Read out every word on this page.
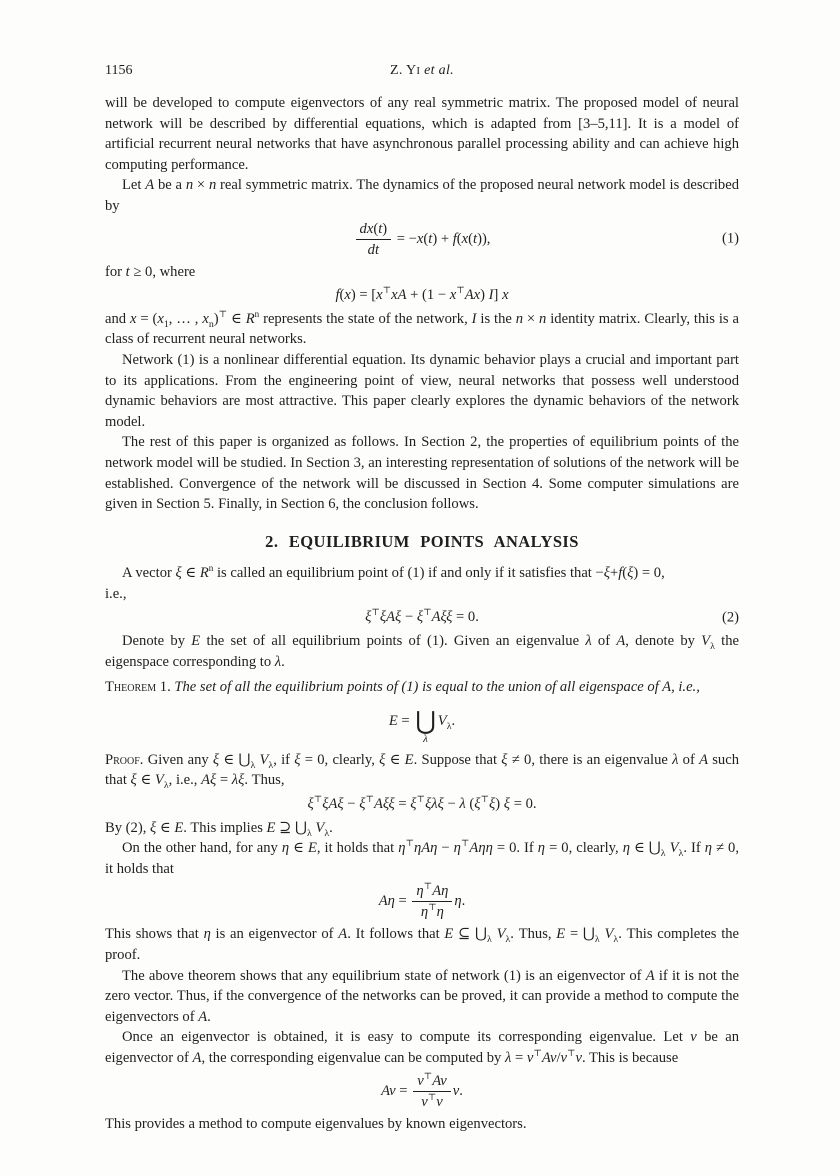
1156	Z. YI et al.

will be developed to compute eigenvectors of any real symmetric matrix. The proposed model of neural network will be described by differential equations, which is adapted from [3–5,11]. It is a model of artificial recurrent neural networks that have asynchronous parallel processing ability and can achieve high computing performance.

Let A be a n × n real symmetric matrix. The dynamics of the proposed neural network model is described by

$\frac{dx(t)}{dt} = -x(t) + f(x(t))$,	(1)

for t ≥ 0, where

f(x) = [x⊤xA + (1 − x⊤Ax) I] x

and $x = (x_1$, … , $x_n)^⊤$ ∈ $R^n$ represents the state of the network, I is the n × n identity matrix. Clearly, this is a class of recurrent neural networks.

Network (1) is a nonlinear differential equation. Its dynamic behavior plays a crucial and important part to its applications. From the engineering point of view, neural networks that possess well understood dynamic behaviors are most attractive. This paper clearly explores the dynamic behaviors of the network model.

The rest of this paper is organized as follows. In Section 2, the properties of equilibrium points of the network model will be studied. In Section 3, an interesting representation of solutions of the network will be established. Convergence of the network will be discussed in Section 4. Some computer simulations are given in Section 5. Finally, in Section 6, the conclusion follows.

2. EQUILIBRIUM POINTS ANALYSIS

A vector ξ ∈ $R^n$ is called an equilibrium point of (1) if and only if it satisfies that −ξ+f(ξ) = 0,

i.e.,

ξ⊤ξAξ − ξ⊤Aξξ = 0.	(2)

Denote by E the set of all equilibrium points of (1). Given an eigenvalue λ of A, denote by $V_\lambda$ the eigenspace corresponding to λ.

Theorem 1. The set of all the equilibrium points of (1) is equal to the union of all eigenspace of A, i.e.,

E = ⋃
λ
$V_\lambda$.

Proof. Given any ξ ∈ $⋃_\lambda$ $V_\lambda$, if ξ = 0, clearly, ξ ∈ E. Suppose that ξ ≠ 0, there is an eigenvalue λ of A such that ξ ∈ $V_\lambda$, i.e., Aξ = λξ. Thus,

ξ⊤ξAξ − ξ⊤Aξξ = ξ⊤ξλξ − λ (ξ⊤ξ) ξ = 0.

By (2), ξ ∈ E. This implies E ⊇ $⋃_\lambda$ $V_\lambda$.

On the other hand, for any η ∈ E, it holds that η⊤ηAη − η⊤Aηη = 0. If η = 0, clearly, η ∈ $⋃_\lambda$ $V_\lambda$. If η ≠ 0, it holds that

$A\eta = \frac{\eta^⊤A\eta}{\eta^⊤\eta} \eta$.

This shows that η is an eigenvector of A. It follows that E ⊆ $⋃_\lambda$ $V_\lambda$. Thus, $E = ⋃_\lambda$ $V_\lambda$. This completes the proof.

The above theorem shows that any equilibrium state of network (1) is an eigenvector of A if it is not the zero vector. Thus, if the convergence of the networks can be proved, it can provide a method to compute the eigenvectors of A.

Once an eigenvector is obtained, it is easy to compute its corresponding eigenvalue. Let v be an eigenvector of A, the corresponding eigenvalue can be computed by λ = v⊤Av/v⊤v. This is because

$Av = \frac{v^⊤Av}{v^⊤v} v$.

This provides a method to compute eigenvalues by known eigenvectors.
